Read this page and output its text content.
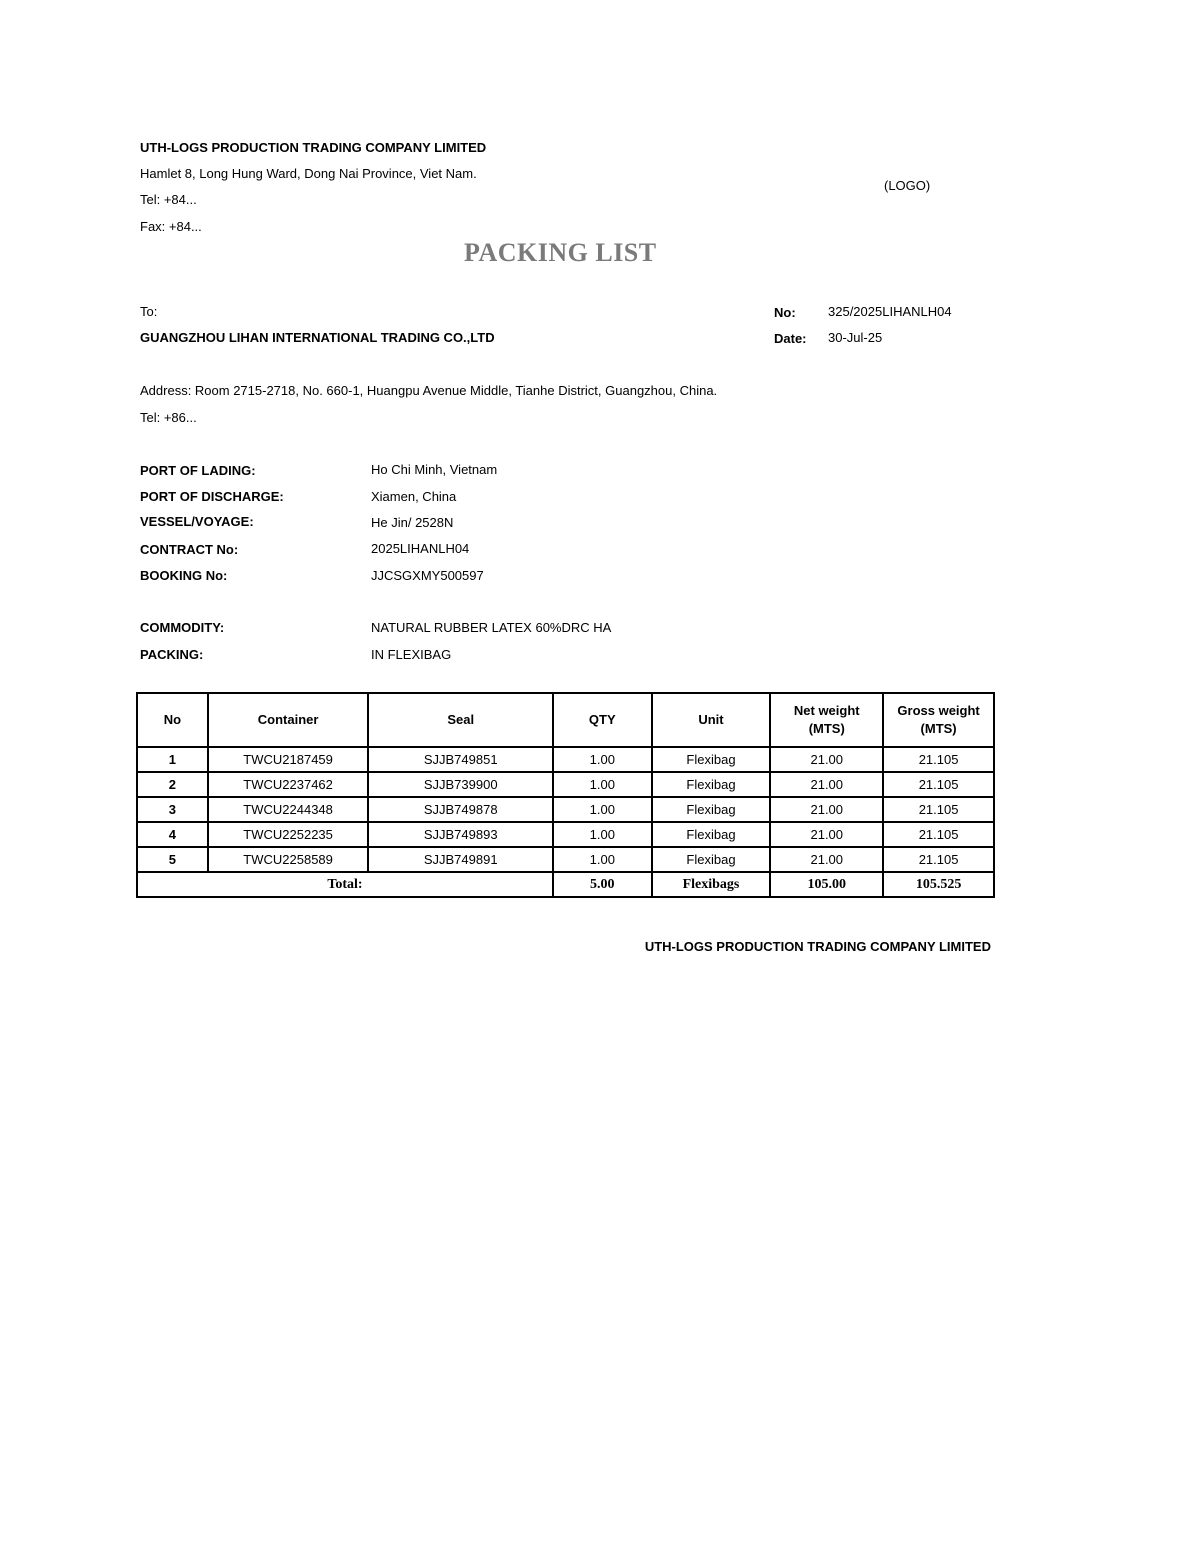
UTH-LOGS PRODUCTION TRADING COMPANY LIMITED
Hamlet 8, Long Hung Ward, Dong Nai Province, Viet Nam.
Tel: +84...
Fax: +84...
(LOGO)
PACKING LIST
To:
GUANGZHOU LIHAN INTERNATIONAL TRADING CO.,LTD
Address: Room 2715-2718, No. 660-1, Huangpu Avenue Middle, Tianhe District, Guangzhou, China.
Tel: +86...
No: 325/2025LIHANLH04
Date: 30-Jul-25
PORT OF LADING:	Ho Chi Minh, Vietnam
PORT OF DISCHARGE:	Xiamen, China
VESSEL/VOYAGE:	He Jin/ 2528N
CONTRACT No:	2025LIHANLH04
BOOKING No:	JJCSGXMY500597
COMMODITY:	NATURAL RUBBER LATEX 60%DRC HA
PACKING:	IN FLEXIBAG
No	Container	Seal	QTY	Unit	Net weight (MTS)	Gross weight (MTS)
1	TWCU2187459	SJJB749851	1.00	Flexibag	21.00	21.105
2	TWCU2237462	SJJB739900	1.00	Flexibag	21.00	21.105
3	TWCU2244348	SJJB749878	1.00	Flexibag	21.00	21.105
4	TWCU2252235	SJJB749893	1.00	Flexibag	21.00	21.105
5	TWCU2258589	SJJB749891	1.00	Flexibag	21.00	21.105
Total:			5.00	Flexibags	105.00	105.525
UTH-LOGS PRODUCTION TRADING COMPANY LIMITED
